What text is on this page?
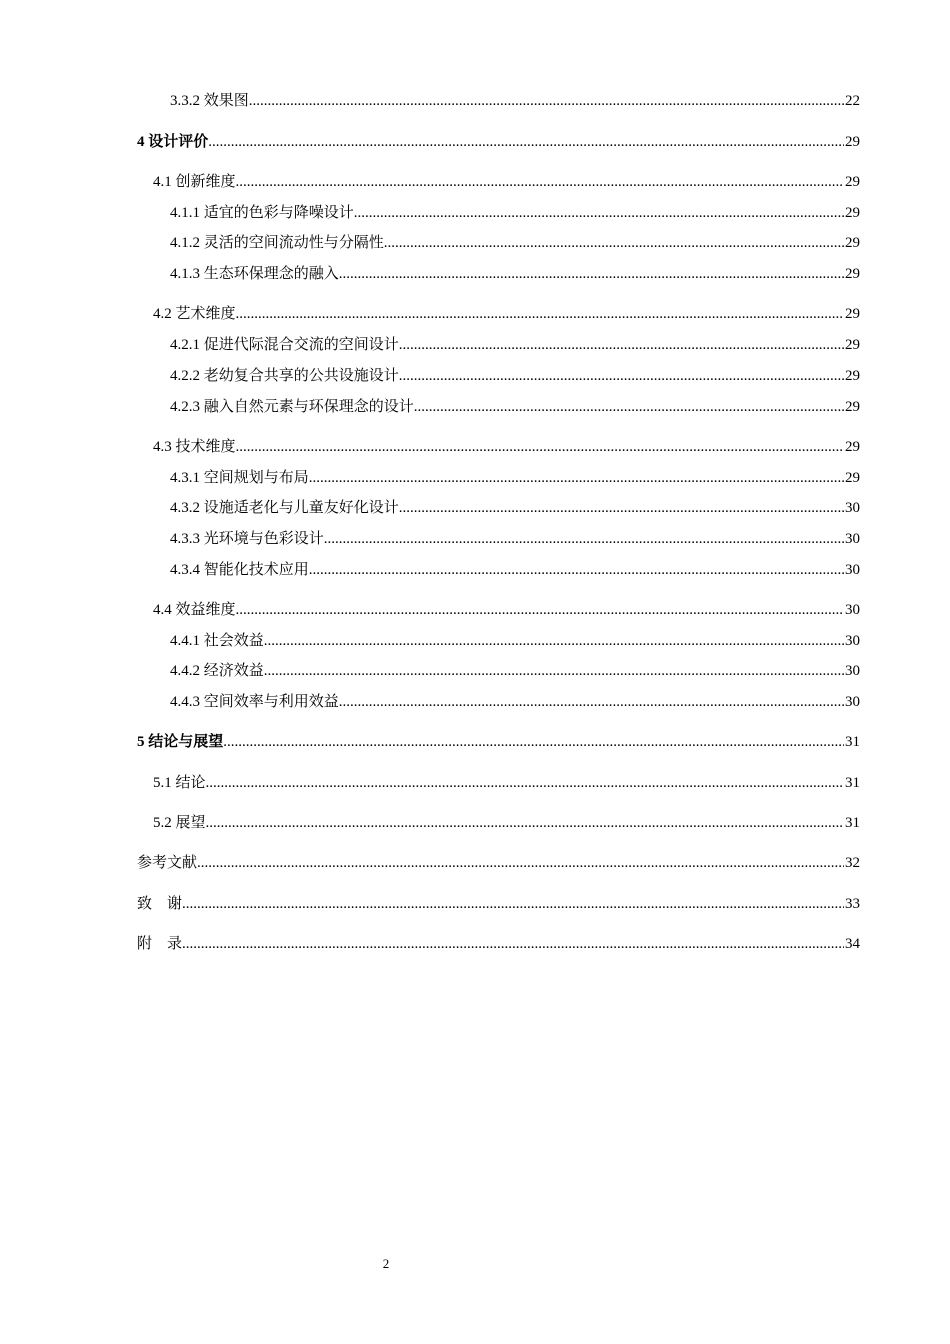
3.3.2 效果图 .....	22
4 设计评价 .....	29
4.1 创新维度 .....	29
4.1.1 适宜的色彩与降噪设计 .....	29
4.1.2 灵活的空间流动性与分隔性 .....	29
4.1.3 生态环保理念的融入 .....	29
4.2 艺术维度 .....	29
4.2.1 促进代际混合交流的空间设计 .....	29
4.2.2 老幼复合共享的公共设施设计 .....	29
4.2.3 融入自然元素与环保理念的设计 .....	29
4.3 技术维度 .....	29
4.3.1 空间规划与布局 .....	29
4.3.2 设施适老化与儿童友好化设计 .....	30
4.3.3 光环境与色彩设计 .....	30
4.3.4 智能化技术应用 .....	30
4.4 效益维度 .....	30
4.4.1 社会效益 .....	30
4.4.2 经济效益 .....	30
4.4.3 空间效率与利用效益 .....	30
5 结论与展望 .....	31
5.1 结论 .....	31
5.2 展望 .....	31
参考文献 .....	32
致　谢 .....	33
附　录 .....	34
2
